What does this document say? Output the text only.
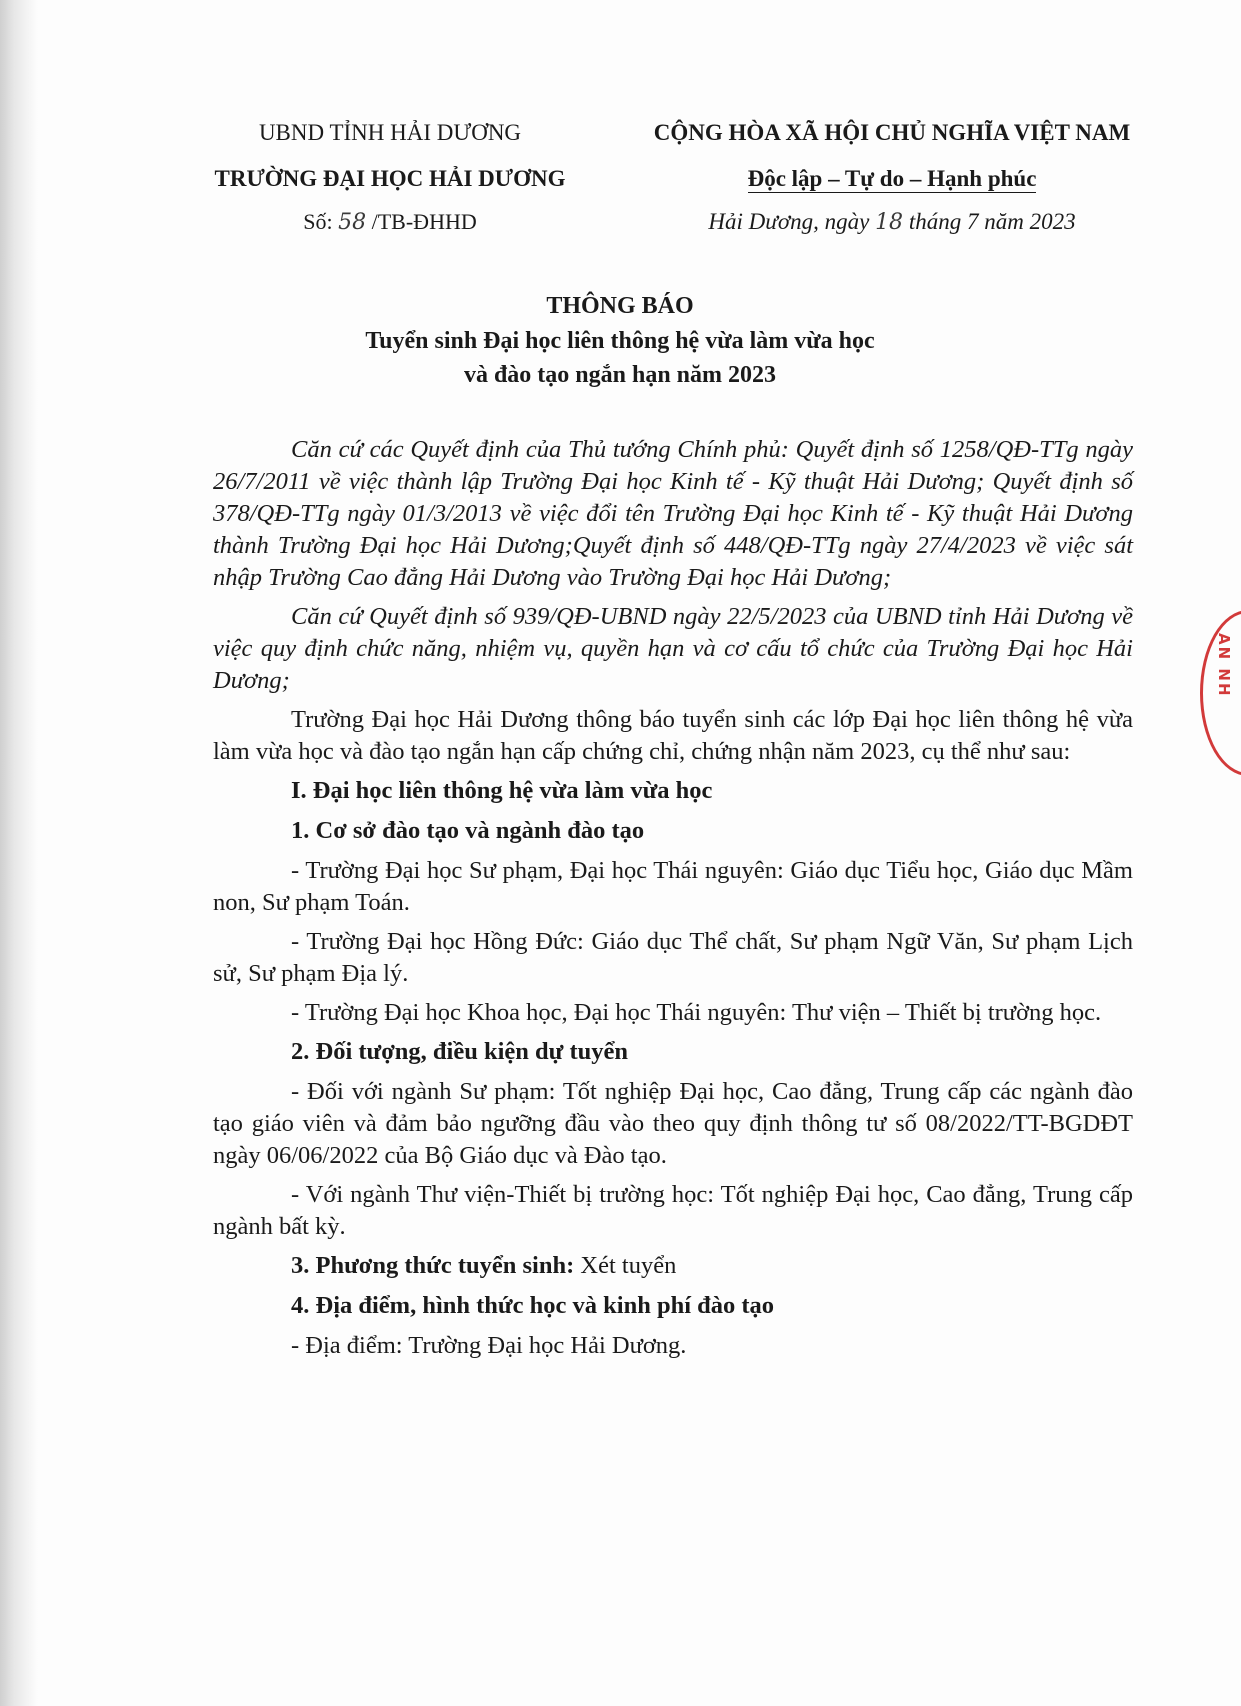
UBND TỈNH HẢI DƯƠNG
TRƯỜNG ĐẠI HỌC HẢI DƯƠNG
Số: 58 /TB-ĐHHD
CỘNG HÒA XÃ HỘI CHỦ NGHĨA VIỆT NAM
Độc lập – Tự do – Hạnh phúc
Hải Dương, ngày 18 tháng 7 năm 2023
THÔNG BÁO
Tuyển sinh Đại học liên thông hệ vừa làm vừa học
và đào tạo ngắn hạn năm 2023

Căn cứ các Quyết định của Thủ tướng Chính phủ: Quyết định số 1258/QĐ-TTg ngày 26/7/2011 về việc thành lập Trường Đại học Kinh tế - Kỹ thuật Hải Dương; Quyết định số 378/QĐ-TTg ngày 01/3/2013 về việc đổi tên Trường Đại học Kinh tế - Kỹ thuật Hải Dương thành Trường Đại học Hải Dương;Quyết định số 448/QĐ-TTg ngày 27/4/2023 về việc sát nhập Trường Cao đẳng Hải Dương vào Trường Đại học Hải Dương;

Căn cứ Quyết định số 939/QĐ-UBND ngày 22/5/2023 của UBND tỉnh Hải Dương về việc quy định chức năng, nhiệm vụ, quyền hạn và cơ cấu tổ chức của Trường Đại học Hải Dương;

Trường Đại học Hải Dương thông báo tuyển sinh các lớp Đại học liên thông hệ vừa làm vừa học và đào tạo ngắn hạn cấp chứng chỉ, chứng nhận năm 2023, cụ thể như sau:

I. Đại học liên thông hệ vừa làm vừa học

1. Cơ sở đào tạo và ngành đào tạo

- Trường Đại học Sư phạm, Đại học Thái nguyên: Giáo dục Tiểu học, Giáo dục Mầm non, Sư phạm Toán.

- Trường Đại học Hồng Đức: Giáo dục Thể chất, Sư phạm Ngữ Văn, Sư phạm Lịch sử, Sư phạm Địa lý.

- Trường Đại học Khoa học, Đại học Thái nguyên: Thư viện – Thiết bị trường học.

2. Đối tượng, điều kiện dự tuyển

- Đối với ngành Sư phạm: Tốt nghiệp Đại học, Cao đẳng, Trung cấp các ngành đào tạo giáo viên và đảm bảo ngưỡng đầu vào theo quy định thông tư số 08/2022/TT-BGDĐT ngày 06/06/2022 của Bộ Giáo dục và Đào tạo.

- Với ngành Thư viện-Thiết bị trường học: Tốt nghiệp Đại học, Cao đẳng, Trung cấp ngành bất kỳ.

3. Phương thức tuyển sinh: Xét tuyển

4. Địa điểm, hình thức học và kinh phí đào tạo

- Địa điểm: Trường Đại học Hải Dương.

AN NH
